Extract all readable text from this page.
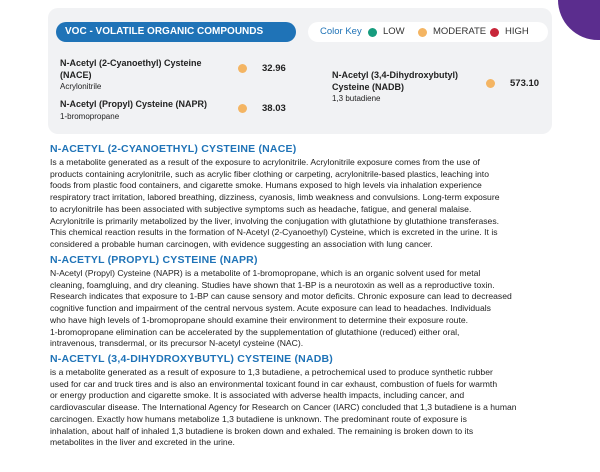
VOC - VOLATILE ORGANIC COMPOUNDS	Color Key LOW	MODERATE HIGH
N-Acetyl (2-Cyanoethyl) Cysteine (NACE)
Acrylonitrile
32.96
N-Acetyl (Propyl) Cysteine (NAPR)
1-bromopropane
38.03
N-Acetyl (3,4-Dihydroxybutyl) Cysteine (NADB)
1,3 butadiene
573.10
N-ACETYL (2-CYANOETHYL) CYSTEINE (NACE)

Is a metabolite generated as a result of the exposure to acrylonitrile. Acrylonitrile exposure comes from the use of
products containing acrylonitrile, such as acrylic fiber clothing or carpeting, acrylonitrile-based plastics, leaching into
foods from plastic food containers, and cigarette smoke. Humans exposed to high levels via inhalation experience
respiratory tract irritation, labored breathing, dizziness, cyanosis, limb weakness and convulsions. Long-term exposure
to acrylonitrile has been associated with subjective symptoms such as headache, fatigue, and general malaise.
Acrylonitrile is primarily metabolized by the liver, involving the conjugation with glutathione by glutathione transferases.
This chemical reaction results in the formation of N-Acetyl (2-Cyanoethyl) Cysteine, which is excreted in the urine. It is
considered a probable human carcinogen, with evidence suggesting an association with lung cancer.

N-ACETYL (PROPYL) CYSTEINE (NAPR)

N-Acetyl (Propyl) Cysteine (NAPR) is a metabolite of 1-bromopropane, which is an organic solvent used for metal
cleaning, foamgluing, and dry cleaning. Studies have shown that 1-BP is a neurotoxin as well as a reproductive toxin.
Research indicates that exposure to 1-BP can cause sensory and motor deficits. Chronic exposure can lead to decreased
cognitive function and impairment of the central nervous system. Acute exposure can lead to headaches. Individuals
who have high levels of 1-bromopropane should examine their environment to determine their exposure route.
1-bromopropane elimination can be accelerated by the supplementation of glutathione (reduced) either oral,
intravenous, transdermal, or its precursor N-acetyl cysteine (NAC).

N-ACETYL (3,4-DIHYDROXYBUTYL) CYSTEINE (NADB)

is a metabolite generated as a result of exposure to 1,3 butadiene, a petrochemical used to produce synthetic rubber
used for car and truck tires and is also an environmental toxicant found in car exhaust, combustion of fuels for warmth
or energy production and cigarette smoke. It is associated with adverse health impacts, including cancer, and
cardiovascular disease. The International Agency for Research on Cancer (IARC) concluded that 1,3 butadiene is a human
carcinogen. Exactly how humans metabolize 1,3 butadiene is unknown. The predominant route of exposure is
inhalation, about half of inhaled 1,3 butadiene is broken down and exhaled. The remaining is broken down to its
metabolites in the liver and excreted in the urine.
